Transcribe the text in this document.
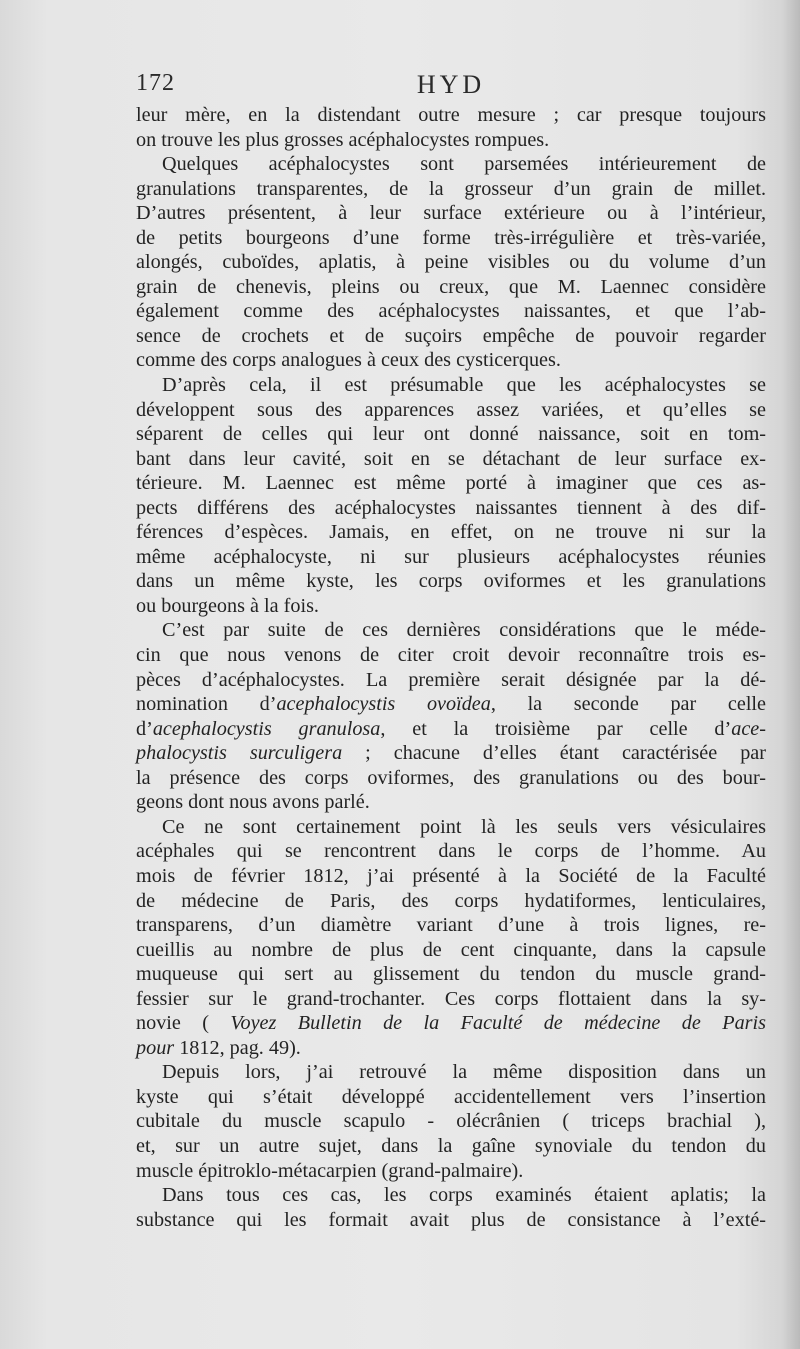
172	HYD
leur mère, en la distendant outre mesure ; car presque toujours
on trouve les plus grosses acéphalocystes rompues.
Quelques acéphalocystes sont parsemées intérieurement de
granulations transparentes, de la grosseur d’un grain de millet.
D’autres présentent, à leur surface extérieure ou à l’intérieur,
de petits bourgeons d’une forme très-irrégulière et très-variée,
alongés, cuboïdes, aplatis, à peine visibles ou du volume d’un
grain de chenevis, pleins ou creux, que M. Laennec considère
également comme des acéphalocystes naissantes, et que l’ab-
sence de crochets et de suçoirs empêche de pouvoir regarder
comme des corps analogues à ceux des cysticerques.
D’après cela, il est présumable que les acéphalocystes se
développent sous des apparences assez variées, et qu’elles se
séparent de celles qui leur ont donné naissance, soit en tom-
bant dans leur cavité, soit en se détachant de leur surface ex-
térieure. M. Laennec est même porté à imaginer que ces as-
pects différens des acéphalocystes naissantes tiennent à des dif-
férences d’espèces. Jamais, en effet, on ne trouve ni sur la
même acéphalocyste, ni sur plusieurs acéphalocystes réunies
dans un même kyste, les corps oviformes et les granulations
ou bourgeons à la fois.
C’est par suite de ces dernières considérations que le méde-
cin que nous venons de citer croit devoir reconnaître trois es-
pèces d’acéphalocystes. La première serait désignée par la dé-
nomination d’acephalocystis ovoïdea, la seconde par celle
d’acephalocystis granulosa, et la troisième par celle d’ace-
phalocystis surculigera ; chacune d’elles étant caractérisée par
la présence des corps oviformes, des granulations ou des bour-
geons dont nous avons parlé.
Ce ne sont certainement point là les seuls vers vésiculaires
acéphales qui se rencontrent dans le corps de l’homme. Au
mois de février 1812, j’ai présenté à la Société de la Faculté
de médecine de Paris, des corps hydatiformes, lenticulaires,
transparens, d’un diamètre variant d’une à trois lignes, re-
cueillis au nombre de plus de cent cinquante, dans la capsule
muqueuse qui sert au glissement du tendon du muscle grand-
fessier sur le grand-trochanter. Ces corps flottaient dans la sy-
novie ( Voyez Bulletin de la Faculté de médecine de Paris
pour 1812, pag. 49).
Depuis lors, j’ai retrouvé la même disposition dans un
kyste qui s’était développé accidentellement vers l’insertion
cubitale du muscle scapulo - olécrânien ( triceps brachial ),
et, sur un autre sujet, dans la gaîne synoviale du tendon du
muscle épitroklo-métacarpien (grand-palmaire).
Dans tous ces cas, les corps examinés étaient aplatis; la
substance qui les formait avait plus de consistance à l’exté-
